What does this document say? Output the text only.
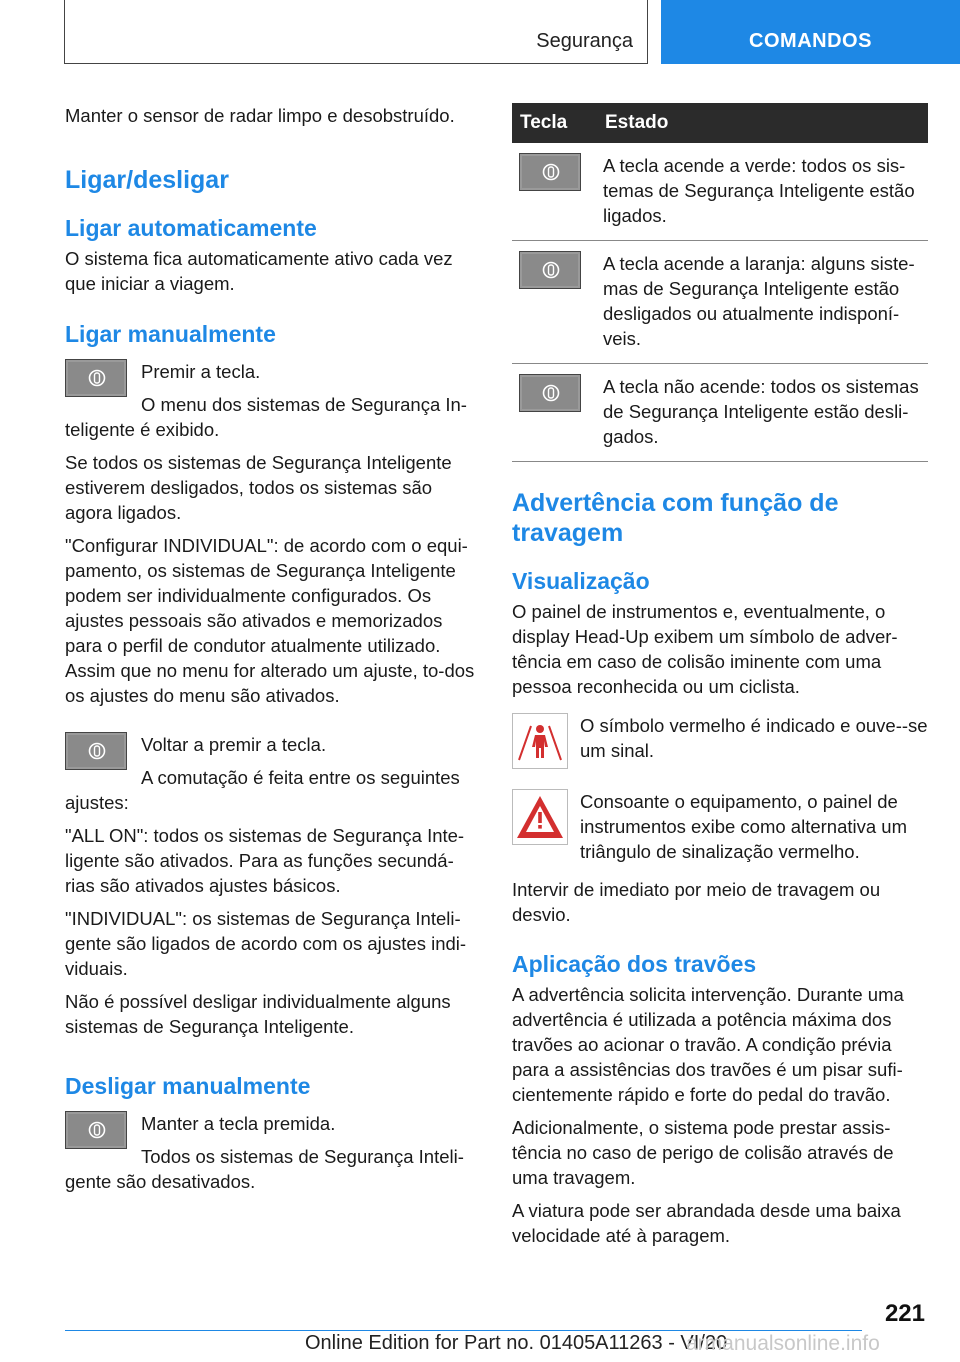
Segurança	COMANDOS

Manter o sensor de radar limpo e desobstruído.

Ligar/desligar
Ligar automaticamente

O sistema fica automaticamente ativo cada vez que iniciar a viagem.

Ligar manualmente

Premir a tecla.

O menu dos sistemas de Segurança In-teligente é exibido.

Se todos os sistemas de Segurança Inteligente estiverem desligados, todos os sistemas são agora ligados.

"Configurar INDIVIDUAL": de acordo com o equi-pamento, os sistemas de Segurança Inteligente podem ser individualmente configurados. Os ajustes pessoais são ativados e memorizados para o perfil de condutor atualmente utilizado. Assim que no menu for alterado um ajuste, to-dos os ajustes do menu são ativados.

Voltar a premir a tecla.

A comutação é feita entre os seguintes ajustes:

"ALL ON": todos os sistemas de Segurança Inte-ligente são ativados. Para as funções secundá-rias são ativados ajustes básicos.

"INDIVIDUAL": os sistemas de Segurança Inteli-gente são ligados de acordo com os ajustes indi-viduais.

Não é possível desligar individualmente alguns sistemas de Segurança Inteligente.

Desligar manualmente

Manter a tecla premida.

Todos os sistemas de Segurança Inteli-gente são desativados.

Tecla	Estado

	A tecla acende a verde: todos os sis-temas de Segurança Inteligente estão ligados.

	A tecla acende a laranja: alguns siste-mas de Segurança Inteligente estão desligados ou atualmente indisponí-veis.

	A tecla não acende: todos os sistemas de Segurança Inteligente estão desli-gados.
Advertência com função de travagem
Visualização

O painel de instrumentos e, eventualmente, o display Head-Up exibem um símbolo de adver-tência em caso de colisão iminente com uma pessoa reconhecida ou um ciclista.

O símbolo vermelho é indicado e ouve--se um sinal.

Consoante o equipamento, o painel de instrumentos exibe como alternativa um triângulo de sinalização vermelho.

Intervir de imediato por meio de travagem ou desvio.

Aplicação dos travões

A advertência solicita intervenção. Durante uma advertência é utilizada a potência máxima dos travões ao acionar o travão. A condição prévia para a assistências dos travões é um pisar sufi-cientemente rápido e forte do pedal do travão.

Adicionalmente, o sistema pode prestar assis-tência no caso de perigo de colisão através de uma travagem.

A viatura pode ser abrandada desde uma baixa velocidade até à paragem.

221
Online Edition for Part no. 01405A11263 - VI/20
armanualsonline.info
